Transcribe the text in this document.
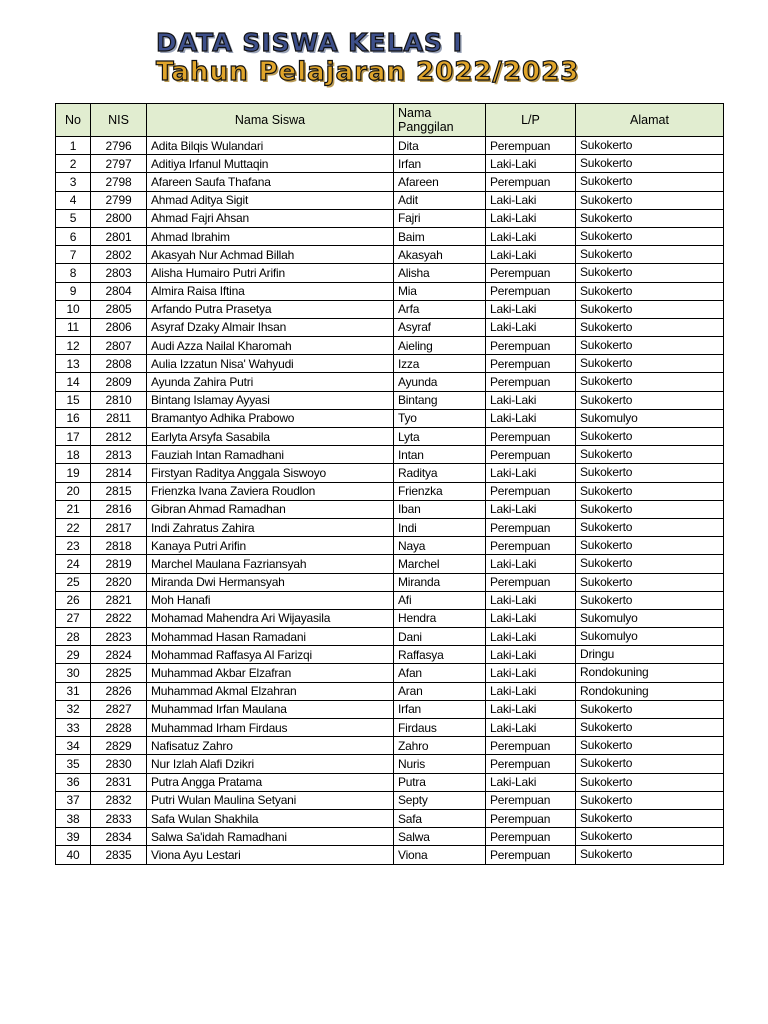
DATA SISWA KELAS I
Tahun Pelajaran 2022/2023
No	NIS	Nama Siswa	Nama Panggilan	L/P	Alamat
1	2796	Adita Bilqis Wulandari	Dita	Perempuan	Sukokerto
2	2797	Aditiya Irfanul Muttaqin	Irfan	Laki-Laki	Sukokerto
3	2798	Afareen Saufa Thafana	Afareen	Perempuan	Sukokerto
4	2799	Ahmad Aditya Sigit	Adit	Laki-Laki	Sukokerto
5	2800	Ahmad Fajri Ahsan	Fajri	Laki-Laki	Sukokerto
6	2801	Ahmad Ibrahim	Baim	Laki-Laki	Sukokerto
7	2802	Akasyah Nur Achmad Billah	Akasyah	Laki-Laki	Sukokerto
8	2803	Alisha Humairo Putri Arifin	Alisha	Perempuan	Sukokerto
9	2804	Almira Raisa Iftina	Mia	Perempuan	Sukokerto
10	2805	Arfando Putra Prasetya	Arfa	Laki-Laki	Sukokerto
11	2806	Asyraf Dzaky Almair Ihsan	Asyraf	Laki-Laki	Sukokerto
12	2807	Audi Azza Nailal Kharomah	Aieling	Perempuan	Sukokerto
13	2808	Aulia Izzatun Nisa' Wahyudi	Izza	Perempuan	Sukokerto
14	2809	Ayunda Zahira Putri	Ayunda	Perempuan	Sukokerto
15	2810	Bintang Islamay Ayyasi	Bintang	Laki-Laki	Sukokerto
16	2811	Bramantyo Adhika Prabowo	Tyo	Laki-Laki	Sukomulyo
17	2812	Earlyta Arsyfa Sasabila	Lyta	Perempuan	Sukokerto
18	2813	Fauziah Intan Ramadhani	Intan	Perempuan	Sukokerto
19	2814	Firstyan Raditya Anggala Siswoyo	Raditya	Laki-Laki	Sukokerto
20	2815	Frienzka Ivana Zaviera Roudlon	Frienzka	Perempuan	Sukokerto
21	2816	Gibran Ahmad Ramadhan	Iban	Laki-Laki	Sukokerto
22	2817	Indi Zahratus Zahira	Indi	Perempuan	Sukokerto
23	2818	Kanaya Putri Arifin	Naya	Perempuan	Sukokerto
24	2819	Marchel Maulana Fazriansyah	Marchel	Laki-Laki	Sukokerto
25	2820	Miranda Dwi Hermansyah	Miranda	Perempuan	Sukokerto
26	2821	Moh Hanafi	Afi	Laki-Laki	Sukokerto
27	2822	Mohamad Mahendra Ari Wijayasila	Hendra	Laki-Laki	Sukomulyo
28	2823	Mohammad Hasan Ramadani	Dani	Laki-Laki	Sukomulyo
29	2824	Mohammad Raffasya Al Farizqi	Raffasya	Laki-Laki	Dringu
30	2825	Muhammad Akbar Elzafran	Afan	Laki-Laki	Rondokuning
31	2826	Muhammad Akmal Elzahran	Aran	Laki-Laki	Rondokuning
32	2827	Muhammad Irfan Maulana	Irfan	Laki-Laki	Sukokerto
33	2828	Muhammad Irham Firdaus	Firdaus	Laki-Laki	Sukokerto
34	2829	Nafisatuz Zahro	Zahro	Perempuan	Sukokerto
35	2830	Nur Izlah Alafi Dzikri	Nuris	Perempuan	Sukokerto
36	2831	Putra Angga Pratama	Putra	Laki-Laki	Sukokerto
37	2832	Putri Wulan Maulina Setyani	Septy	Perempuan	Sukokerto
38	2833	Safa Wulan Shakhila	Safa	Perempuan	Sukokerto
39	2834	Salwa Sa'idah Ramadhani	Salwa	Perempuan	Sukokerto
40	2835	Viona Ayu Lestari	Viona	Perempuan	Sukokerto
